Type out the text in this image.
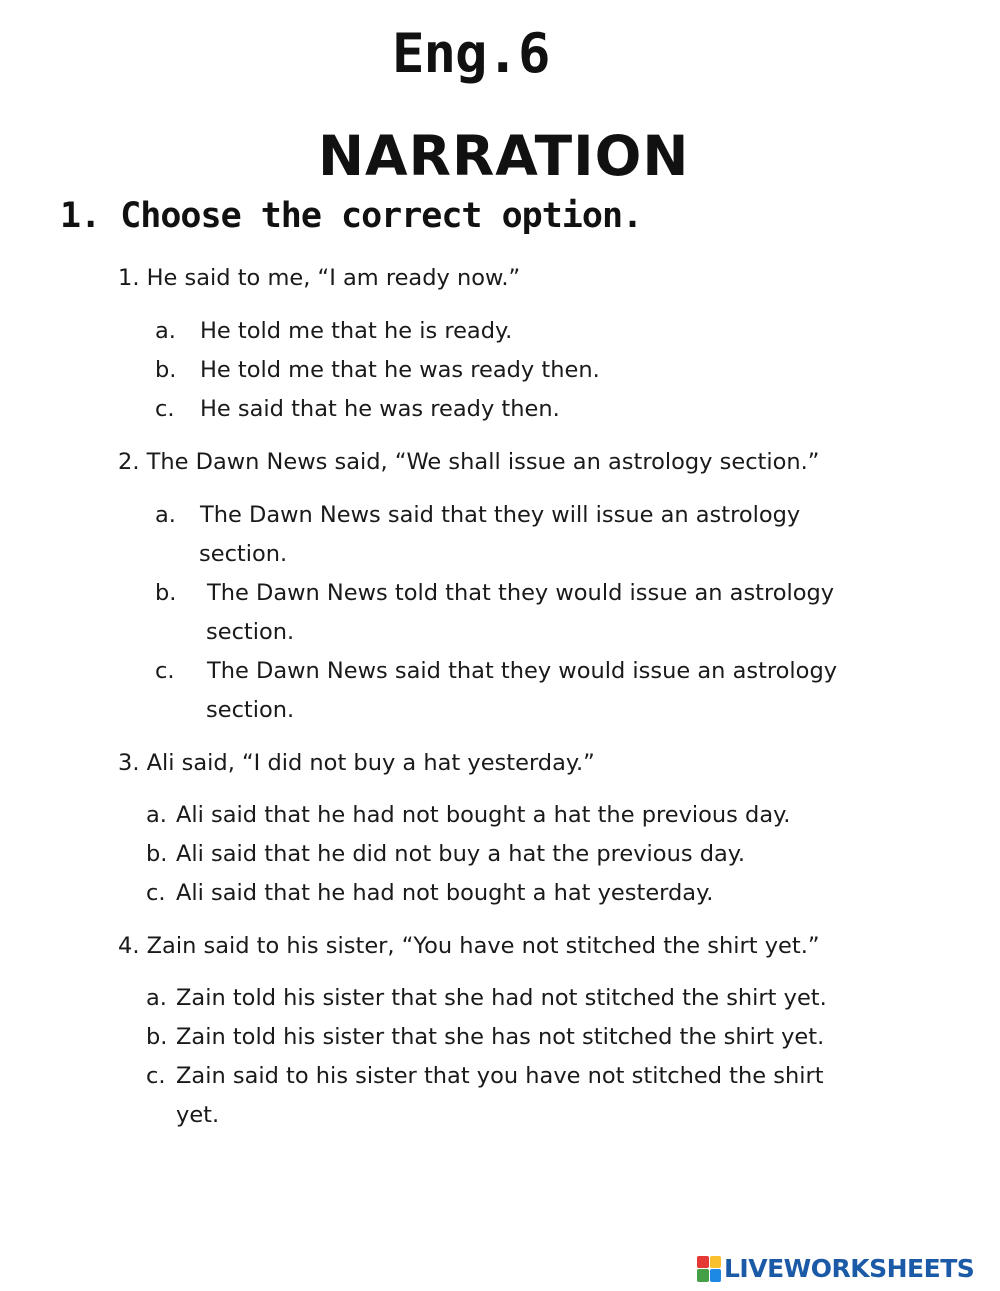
Eng.6
NARRATION
1. Choose the correct option.
1. He said to me, “I am ready now.”
a. He told me that he is ready.
b. He told me that he was ready then.
c. He said that he was ready then.
2. The Dawn News said, “We shall issue an astrology section.”
a. The Dawn News said that they will issue an astrology
section.
b. The Dawn News told that they would issue an astrology
section.
c. The Dawn News said that they would issue an astrology
section.
3. Ali said, “I did not buy a hat yesterday.”
a. Ali said that he had not bought a hat the previous day.
b. Ali said that he did not buy a hat the previous day.
c. Ali said that he had not bought a hat yesterday.
4. Zain said to his sister, “You have not stitched the shirt yet.”
a. Zain told his sister that she had not stitched the shirt yet.
b. Zain told his sister that she has not stitched the shirt yet.
c. Zain said to his sister that you have not stitched the shirt
yet.
LIVEWORKSHEETS
